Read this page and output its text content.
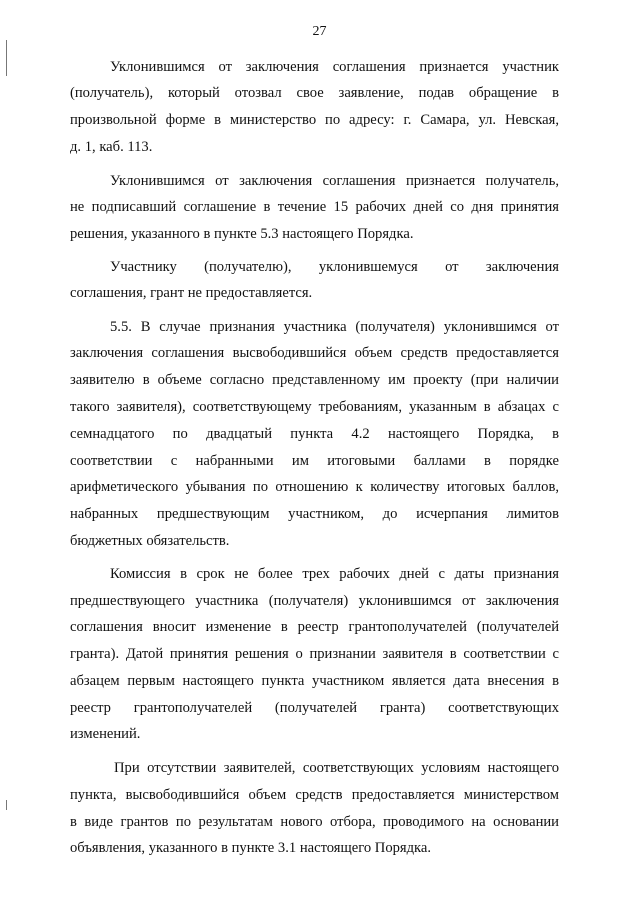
27
Уклонившимся от заключения соглашения признается участник
(получатель), который отозвал свое заявление, подав обращение в
произвольной форме в министерство по адресу: г. Самара, ул. Невская,
д. 1, каб. 113.
Уклонившимся от заключения соглашения признается получатель,
не подписавший соглашение в течение 15 рабочих дней со дня принятия
решения, указанного в пункте 5.3 настоящего Порядка.
Участнику (получателю), уклонившемуся от заключения
соглашения, грант не предоставляется.
5.5. В случае признания участника (получателя) уклонившимся от
заключения соглашения высвободившийся объем средств предоставляется
заявителю в объеме согласно представленному им проекту (при наличии
такого заявителя), соответствующему требованиям, указанным в абзацах с
семнадцатого по двадцатый пункта 4.2 настоящего Порядка, в
соответствии с набранными им итоговыми баллами в порядке
арифметического убывания по отношению к количеству итоговых баллов,
набранных предшествующим участником, до исчерпания лимитов
бюджетных обязательств.
Комиссия в срок не более трех рабочих дней с даты признания
предшествующего участника (получателя) уклонившимся от заключения
соглашения вносит изменение в реестр грантополучателей (получателей
гранта). Датой принятия решения о признании заявителя в соответствии с
абзацем первым настоящего пункта участником является дата внесения в
реестр грантополучателей (получателей гранта) соответствующих
изменений.
При отсутствии заявителей, соответствующих условиям настоящего
пункта, высвободившийся объем средств предоставляется министерством
в виде грантов по результатам нового отбора, проводимого на основании
объявления, указанного в пункте 3.1 настоящего Порядка.
